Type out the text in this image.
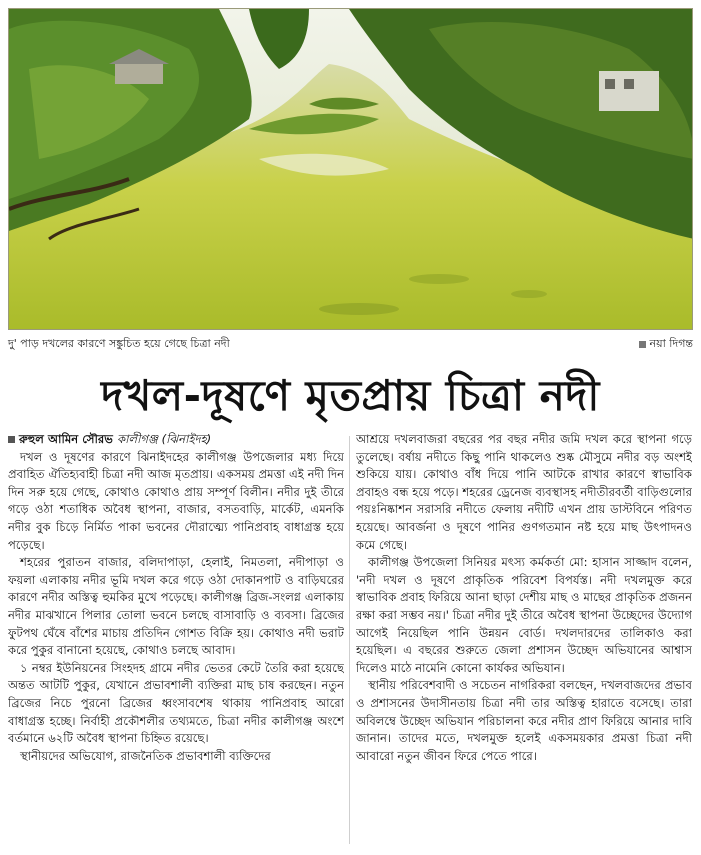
দু' পাড় দখলের কারণে সঙ্কুচিত হয়ে গেছে চিত্রা নদী	নয়া দিগন্ত
দখল-দূষণে মৃতপ্রায় চিত্রা নদী

রুহুল আমিন সৌরভ কালীগঞ্জ (ঝিনাইদহ)

দখল ও দূষণের কারণে ঝিনাইদহের কালীগঞ্জ উপজেলার মধ্য দিয়ে প্রবাহিত ঐতিহ্যবাহী চিত্রা নদী আজ মৃতপ্রায়। একসময় প্রমত্তা এই নদী দিন দিন সরু হয়ে গেছে, কোথাও কোথাও প্রায় সম্পূর্ণ বিলীন। নদীর দুই তীরে গড়ে ওঠা শতাধিক অবৈধ স্থাপনা, বাজার, বসতবাড়ি, মার্কেট, এমনকি নদীর বুক চিড়ে নির্মিত পাকা ভবনের দৌরাত্ম্যে পানিপ্রবাহ বাধাগ্রস্ত হয়ে পড়েছে।

শহরের পুরাতন বাজার, বলিদাপাড়া, হেলাই, নিমতলা, নদীপাড়া ও ফয়লা এলাকায় নদীর ভূমি দখল করে গড়ে ওঠা দোকানপাট ও বাড়িঘরের কারণে নদীর অস্তিত্ব হুমকির মুখে পড়েছে। কালীগঞ্জ ব্রিজ-সংলগ্ন এলাকায় নদীর মাঝখানে পিলার তোলা ভবনে চলছে বাসাবাড়ি ও ব্যবসা। ব্রিজের ফুটপথ ঘেঁষে বাঁশের মাচায় প্রতিদিন গোশত বিক্রি হয়। কোথাও নদী ভরাট করে পুকুর বানানো হয়েছে, কোথাও চলছে আবাদ।

১ নম্বর ইউনিয়নের সিংহদহ গ্রামে নদীর ভেতর কেটে তৈরি করা হয়েছে অন্তত আটটি পুকুর, যেখানে প্রভাবশালী ব্যক্তিরা মাছ চাষ করছেন। নতুন ব্রিজের নিচে পুরনো ব্রিজের ধ্বংসাবশেষ থাকায় পানিপ্রবাহ আরো বাধাগ্রস্ত হচ্ছে। নির্বাহী প্রকৌশলীর তথ্যমতে, চিত্রা নদীর কালীগঞ্জ অংশে বর্তমানে ৬২টি অবৈধ স্থাপনা চিহ্নিত রয়েছে।

স্থানীয়দের অভিযোগ, রাজনৈতিক প্রভাবশালী ব্যক্তিদের

আশ্রয়ে দখলবাজরা বছরের পর বছর নদীর জমি দখল করে স্থাপনা গড়ে তুলেছে। বর্ষায় নদীতে কিছু পানি থাকলেও শুষ্ক মৌসুমে নদীর বড় অংশই শুকিয়ে যায়। কোথাও বাঁধ দিয়ে পানি আটকে রাখার কারণে স্বাভাবিক প্রবাহও বন্ধ হয়ে পড়ে। শহরের ড্রেনেজ ব্যবস্থাসহ নদীতীরবর্তী বাড়িগুলোর পয়ঃনিষ্কাশন সরাসরি নদীতে ফেলায় নদীটি এখন প্রায় ডাস্টবিনে পরিণত হয়েছে। আবর্জনা ও দূষণে পানির গুণগতমান নষ্ট হয়ে মাছ উৎপাদনও কমে গেছে।

কালীগঞ্জ উপজেলা সিনিয়র মৎস্য কর্মকর্তা মো: হাসান সাজ্জাদ বলেন, 'নদী দখল ও দূষণে প্রাকৃতিক পরিবেশ বিপর্যস্ত। নদী দখলমুক্ত করে স্বাভাবিক প্রবাহ ফিরিয়ে আনা ছাড়া দেশীয় মাছ ও মাছের প্রাকৃতিক প্রজনন রক্ষা করা সম্ভব নয়।' চিত্রা নদীর দুই তীরে অবৈধ স্থাপনা উচ্ছেদের উদ্যোগ আগেই নিয়েছিল পানি উন্নয়ন বোর্ড। দখলদারদের তালিকাও করা হয়েছিল। এ বছরের শুরুতে জেলা প্রশাসন উচ্ছেদ অভিযানের আশ্বাস দিলেও মাঠে নামেনি কোনো কার্যকর অভিযান।

স্থানীয় পরিবেশবাদী ও সচেতন নাগরিকরা বলছেন, দখলবাজদের প্রভাব ও প্রশাসনের উদাসীনতায় চিত্রা নদী তার অস্তিত্ব হারাতে বসেছে। তারা অবিলম্বে উচ্ছেদ অভিযান পরিচালনা করে নদীর প্রাণ ফিরিয়ে আনার দাবি জানান। তাদের মতে, দখলমুক্ত হলেই একসময়কার প্রমত্তা চিত্রা নদী আবারো নতুন জীবন ফিরে পেতে পারে।
